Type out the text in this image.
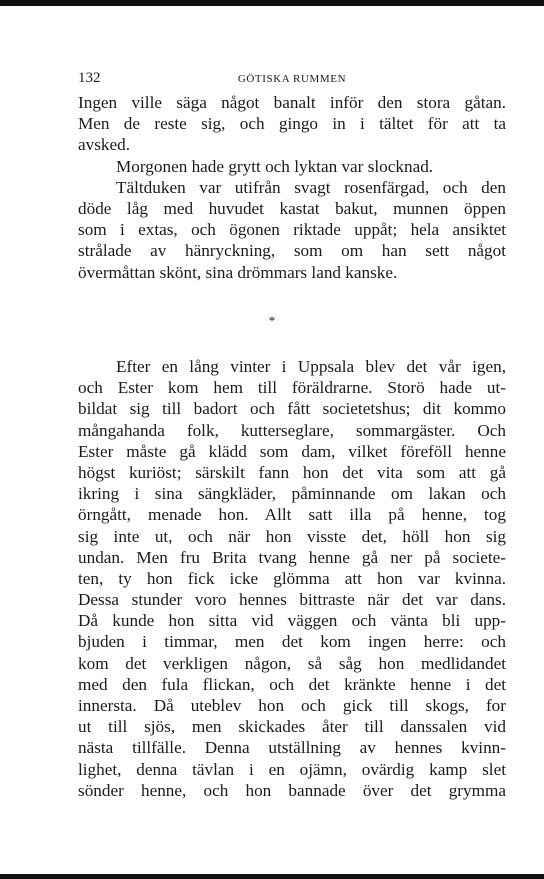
132	GÖTISKA RUMMEN
Ingen ville säga något banalt inför den stora gåtan.
Men de reste sig, och gingo in i tältet för att ta
avsked.
Morgonen hade grytt och lyktan var slocknad.
Tältduken var utifrån svagt rosenfärgad, och den
döde låg med huvudet kastat bakut, munnen öppen
som i extas, och ögonen riktade uppåt; hela ansiktet
strålade av hänryckning, som om han sett något
övermåttan skönt, sina drömmars land kanske.
*
Efter en lång vinter i Uppsala blev det vår igen,
och Ester kom hem till föräldrarne. Storö hade ut-
bildat sig till badort och fått societetshus; dit kommo
mångahanda folk, kutterseglare, sommargäster. Och
Ester måste gå klädd som dam, vilket föreföll henne
högst kuriöst; särskilt fann hon det vita som att gå
ikring i sina sängkläder, påminnande om lakan och
örngått, menade hon. Allt satt illa på henne, tog
sig inte ut, och när hon visste det, höll hon sig
undan. Men fru Brita tvang henne gå ner på societe-
ten, ty hon fick icke glömma att hon var kvinna.
Dessa stunder voro hennes bittraste när det var dans.
Då kunde hon sitta vid väggen och vänta bli upp-
bjuden i timmar, men det kom ingen herre: och
kom det verkligen någon, så såg hon medlidandet
med den fula flickan, och det kränkte henne i det
innersta. Då uteblev hon och gick till skogs, for
ut till sjös, men skickades åter till danssalen vid
nästa tillfälle. Denna utställning av hennes kvinn-
lighet, denna tävlan i en ojämn, ovärdig kamp slet
sönder henne, och hon bannade över det grymma
